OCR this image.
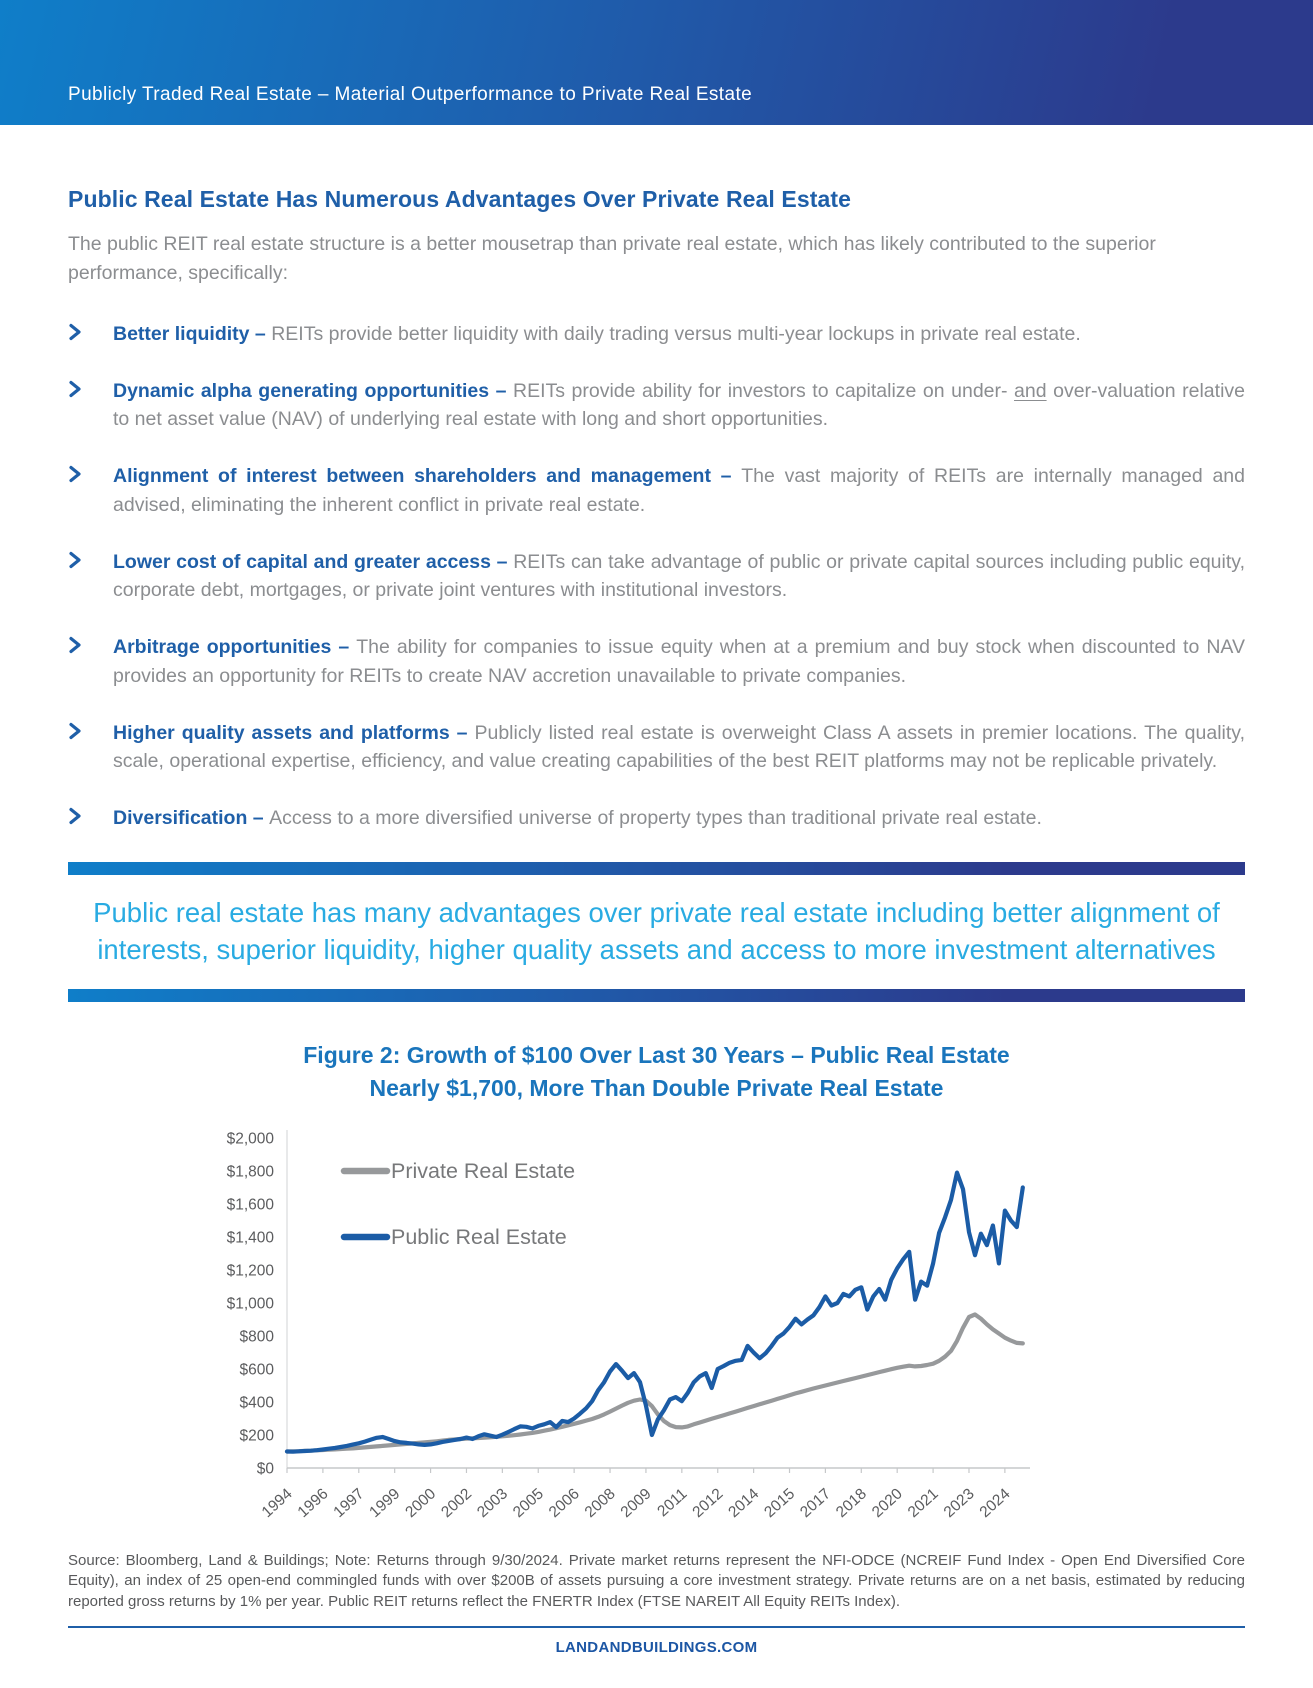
Publicly Traded Real Estate – Material Outperformance to Private Real Estate
Public Real Estate Has Numerous Advantages Over Private Real Estate

The public REIT real estate structure is a better mousetrap than private real estate, which has likely contributed to the superior performance, specifically:

Better liquidity – REITs provide better liquidity with daily trading versus multi-year lockups in private real estate.

Dynamic alpha generating opportunities – REITs provide ability for investors to capitalize on under- and over-valuation relative to net asset value (NAV) of underlying real estate with long and short opportunities.

Alignment of interest between shareholders and management – The vast majority of REITs are internally managed and advised, eliminating the inherent conflict in private real estate.

Lower cost of capital and greater access – REITs can take advantage of public or private capital sources including public equity, corporate debt, mortgages, or private joint ventures with institutional investors.

Arbitrage opportunities – The ability for companies to issue equity when at a premium and buy stock when discounted to NAV provides an opportunity for REITs to create NAV accretion unavailable to private companies.

Higher quality assets and platforms – Publicly listed real estate is overweight Class A assets in premier locations. The quality, scale, operational expertise, efficiency, and value creating capabilities of the best REIT platforms may not be replicable privately.

Diversification – Access to a more diversified universe of property types than traditional private real estate.

Public real estate has many advantages over private real estate including better alignment of interests, superior liquidity, higher quality assets and access to more investment alternatives
Figure 2: Growth of $100 Over Last 30 Years – Public Real Estate
Nearly $1,700, More Than Double Private Real Estate
$2,000
$1,800
$1,600
$1,400
$1,200
$1,000
$800
$600
$400
$200
$0
1994
1996
1997
1999
2000
2002
2003
2005
2006
2008
2009 2011
2012
2014
2015
2017
2018
2020
2021
2023
2024
Private Real Estate
Public Real Estate

Source: Bloomberg, Land & Buildings; Note: Returns through 9/30/2024. Private market returns represent the NFI-ODCE (NCREIF Fund Index - Open End Diversified Core Equity), an index of 25 open-end commingled funds with over $200B of assets pursuing a core investment strategy. Private returns are on a net basis, estimated by reducing reported gross returns by 1% per year. Public REIT returns reflect the FNERTR Index (FTSE NAREIT All Equity REITs Index).

LANDANDBUILDINGS.COM
